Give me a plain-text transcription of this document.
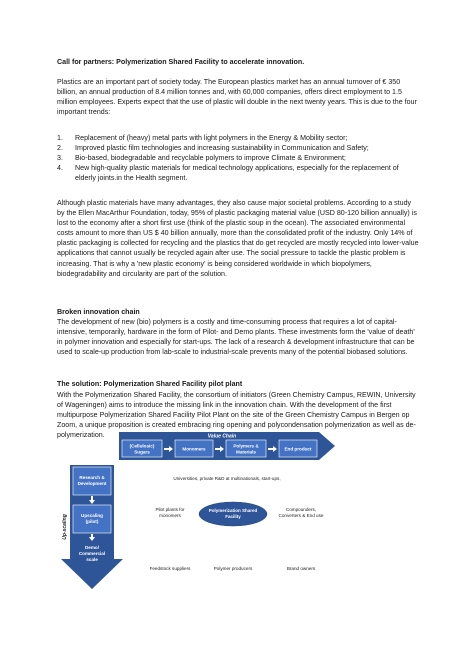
Call for partners: Polymerization Shared Facility to accelerate innovation.

Plastics are an important part of society today. The European plastics market has an annual turnover of € 350 billion, an annual production of 8.4 million tonnes and, with 60,000 companies, offers direct employment to 1.5 million employees. Experts expect that the use of plastic will double in the next twenty years. This is due to the four important trends:

1. Replacement of (heavy) metal parts with light polymers in the Energy & Mobility sector;
2. Improved plastic film technologies and increasing sustainability in Communication and Safety;
3. Bio-based, biodegradable and recyclable polymers to improve Climate & Environment;
4. New high-quality plastic materials for medical technology applications, especially for the replacement of elderly joints.in the Health segment.

Although plastic materials have many advantages, they also cause major societal problems. According to a study by the Ellen MacArthur Foundation, today, 95% of plastic packaging material value (USD 80-120 billion annually) is lost to the economy after a short first use (think of the plastic soup in the ocean). The associated environmental costs amount to more than US $ 40 billion annually, more than the consolidated profit of the industry. Only 14% of plastic packaging is collected for recycling and the plastics that do get recycled are mostly recycled into lower-value applications that cannot usually be recycled again after use. The social pressure to tackle the plastic problem is increasing. That is why a 'new plastic economy' is being considered worldwide in which biopolymers, biodegradability and circularity are part of the solution.

Broken innovation chain

The development of new (bio) polymers is a costly and time-consuming process that requires a lot of capital-intensive, temporarily, hardware in the form of Pilot- and Demo plants. These investments form the 'value of death' in polymer innovation and especially for start-ups. The lack of a research & development infrastructure that can be used to scale-up production from lab-scale to industrial-scale prevents many of the potential biobased solutions.

The solution: Polymerization Shared Facility pilot plant

With the Polymerization Shared Facility, the consortium of initiators (Green Chemistry Campus, REWIN, University of Wageningen) aims to introduce the missing link in the innovation chain. With the development of the first multipurpose Polymerization Shared Facility Pilot Plant on the site of the Green Chemistry Campus in Bergen op Zoom, a unique proposition is created embracing ring opening and polycondensation polymerization as well as de-polymerization.	Value Chain
(Cellulosic)
Sugars
Monomers
Polymers &
Materials
End product
Up-scaling
Research &
Development
Upscaling
(pilot)
Demo/
Commercial
scale
Universities, private R&D at multinationals, start-ups,
Pilot plants for
monomers
Polymerization Shared
Facility
Compounders,
Converters & End use
Feedstock suppliers	Polymer producers	Brand owners
